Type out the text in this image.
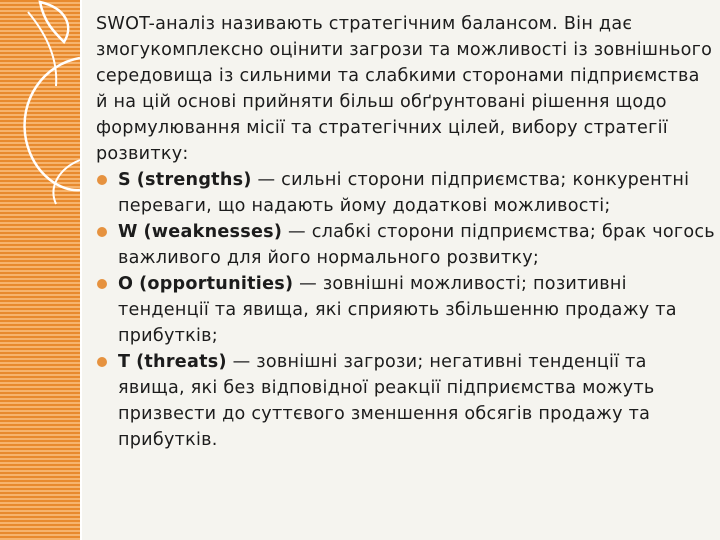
SWOT-аналіз називають стратегічним балансом. Він дає змогукомплексно оцінити загрози та можливості із зовнішнього середовища із сильними та слабкими сторонами підприємства й на цій основі прийняти більш обґрунтовані рішення щодо формулювання місії та стратегічних цілей, вибору стратегії розвитку:

S (strengths) — сильні сторони підприємства; конкурентні переваги, що надають йому додаткові можливості;
W (weaknesses) — слабкі сторони підприємства; брак чогось важливого для його нормального розвитку;
O (opportunities) — зовнішні можливості; позитивні тенденції та явища, які сприяють збільшенню продажу та прибутків;
T (threats) — зовнішні загрози; негативні тенденції та явища, які без відповідної реакції підприємства можуть призвести до суттєвого зменшення обсягів продажу та прибутків.
